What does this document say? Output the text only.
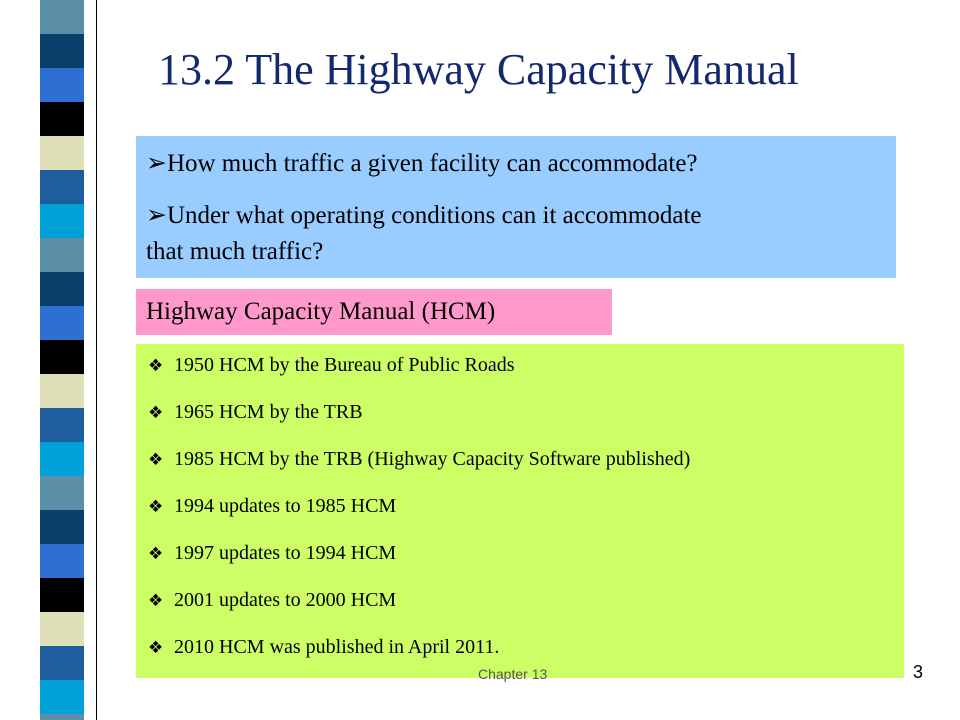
13.2 The Highway Capacity Manual
➢How much traffic a given facility can accommodate?
➢Under what operating conditions can it accommodate
that much traffic?
Highway Capacity Manual (HCM)
❖ 1950 HCM by the Bureau of Public Roads
❖ 1965 HCM by the TRB
❖ 1985 HCM by the TRB (Highway Capacity Software published)
❖ 1994 updates to 1985 HCM
❖ 1997 updates to 1994 HCM
❖ 2001 updates to 2000 HCM
❖ 2010 HCM was published in April 2011.
Chapter 13	3
